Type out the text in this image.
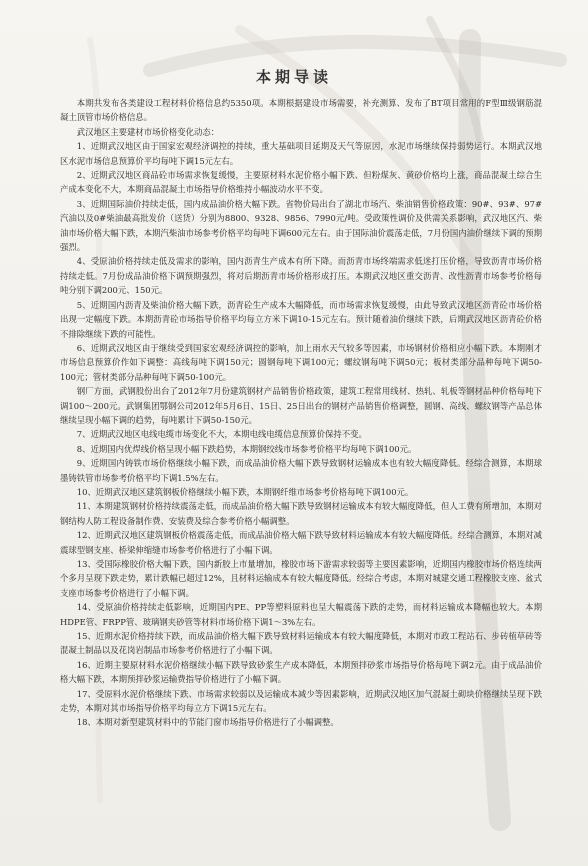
本期导读

本期共发布各类建设工程材料价格信息约5350项。本期根据建设市场需要，补充测算、发布了BT项目常用的F型Ⅲ级钢筋混凝土顶管市场价格信息。

武汉地区主要建材市场价格变化动态：

1、近期武汉地区由于国家宏观经济调控的持续，重大基础项目延期及天气等原因，水泥市场继续保持弱势运行。本期武汉地区水泥市场信息预算价平均每吨下调15元左右。

2、近期武汉地区商品砼市场需求恢复缓慢，主要原材料水泥价格小幅下跌、但粉煤灰、黄砂价格均上涨，商品混凝土综合生产成本变化不大，本期商品混凝土市场指导价格维持小幅波动水平不变。

3、近期国际油价持续走低，国内成品油价格大幅下跌。省物价局出台了湖北市场汽、柴油销售价格政策：90#、93#、97#汽油以及0#柴油最高批发价（送货）分别为8800、9328、9856、7990元/吨。受政策性调价及供需关系影响，武汉地区汽、柴油市场价格大幅下跌，本期汽柴油市场参考价格平均每吨下调600元左右。由于国际油价震荡走低，7月份国内油价继续下调的预期强烈。

4、受原油价格持续走低及需求的影响，国内沥青生产成本有所下降。而沥青市场终端需求低迷打压价格，导致沥青市场价格持续走低。7月份成品油价格下调预期强烈，将对后期沥青市场价格形成打压。本期武汉地区重交沥青、改性沥青市场参考价格每吨分别下调200元、150元。

5、近期国内沥青及柴油价格大幅下跌，沥青砼生产成本大幅降低，而市场需求恢复缓慢，由此导致武汉地区沥青砼市场价格出现一定幅度下跌。本期沥青砼市场指导价格平均每立方米下调10-15元左右。预计随着油价继续下跌，后期武汉地区沥青砼价格不排除继续下跌的可能性。

6、近期武汉地区由于继续受到国家宏观经济调控的影响，加上雨水天气较多等因素，市场钢材价格相应小幅下跌。本期刚才市场信息预算价作如下调整：高线每吨下调150元；圆钢每吨下调100元；螺纹钢每吨下调50元；板材类部分品种每吨下调50-100元；管材类部分品种每吨下调50-100元。

钢厂方面，武钢股份出台了2012年7月份建筑钢材产品销售价格政策，建筑工程常用线材、热轧、轧板等钢材品种价格每吨下调100～200元。武钢集团鄂钢公司2012年5月6日、15日、25日出台的钢材产品销售价格调整，圆钢、高线、螺纹钢等产品总体继续呈现小幅下调的趋势，每吨累计下调50-150元。

7、近期武汉地区电线电缆市场变化不大，本期电线电缆信息预算价保持不变。

8、近期国内优焊线价格呈现小幅下跌趋势，本期钢绞线市场参考价格平均每吨下调100元。

9、近期国内铸铁市场价格继续小幅下跌，而成品油价格大幅下跌导致钢材运输成本也有较大幅度降低。经综合测算，本期球墨铸铁管市场参考价格平均下调1.5%左右。

10、近期武汉地区建筑钢板价格继续小幅下跌，本期钢纤维市场参考价格每吨下调100元。

11、本期建筑钢材价格持续震荡走低，而成品油价格大幅下跌导致钢材运输成本有较大幅度降低，但人工费有所增加，本期对钢结构人防工程设备制作费、安装费及综合参考价格小幅调整。

12、近期武汉地区建筑钢板价格震荡走低，而成品油价格大幅下跌导致材料运输成本有较大幅度降低。经综合测算，本期对减震球型钢支座、桥梁伸缩缝市场参考价格进行了小幅下调。

13、受国际橡胶价格大幅下跌，国内新胶上市量增加，橡胶市场下游需求较弱等主要因素影响，近期国内橡胶市场价格连续两个多月呈现下跌走势，累计跌幅已超过12%，且材料运输成本有较大幅度降低。经综合考虑，本期对城建交通工程橡胶支座、盆式支座市场参考价格进行了小幅下调。

14、受原油价格持续走低影响，近期国内PE、PP等塑料原料也呈大幅震荡下跌的走势，而材料运输成本降幅也较大。本期HDPE管、FRPP管、玻璃钢夹砂管等材料市场价格下调1～3%左右。

15、近期水泥价格持续下跌，而成品油价格大幅下跌导致材料运输成本有较大幅度降低，本期对市政工程站石、步砖植草砖等混凝土制品以及花岗岩制品市场参考价格进行了小幅下调。

16、近期主要原材料水泥价格继续小幅下跌导致砂浆生产成本降低，本期预拌砂浆市场指导价格每吨下调2元。由于成品油价格大幅下跌，本期预拌砂浆运输费指导价格进行了小幅下调。

17、受原料水泥价格继续下跌、市场需求较弱以及运输成本减少等因素影响，近期武汉地区加气混凝土砌块价格继续呈现下跌走势，本期对其市场指导价格平均每立方下调15元左右。

18、本期对新型建筑材料中的节能门窗市场指导价格进行了小幅调整。
